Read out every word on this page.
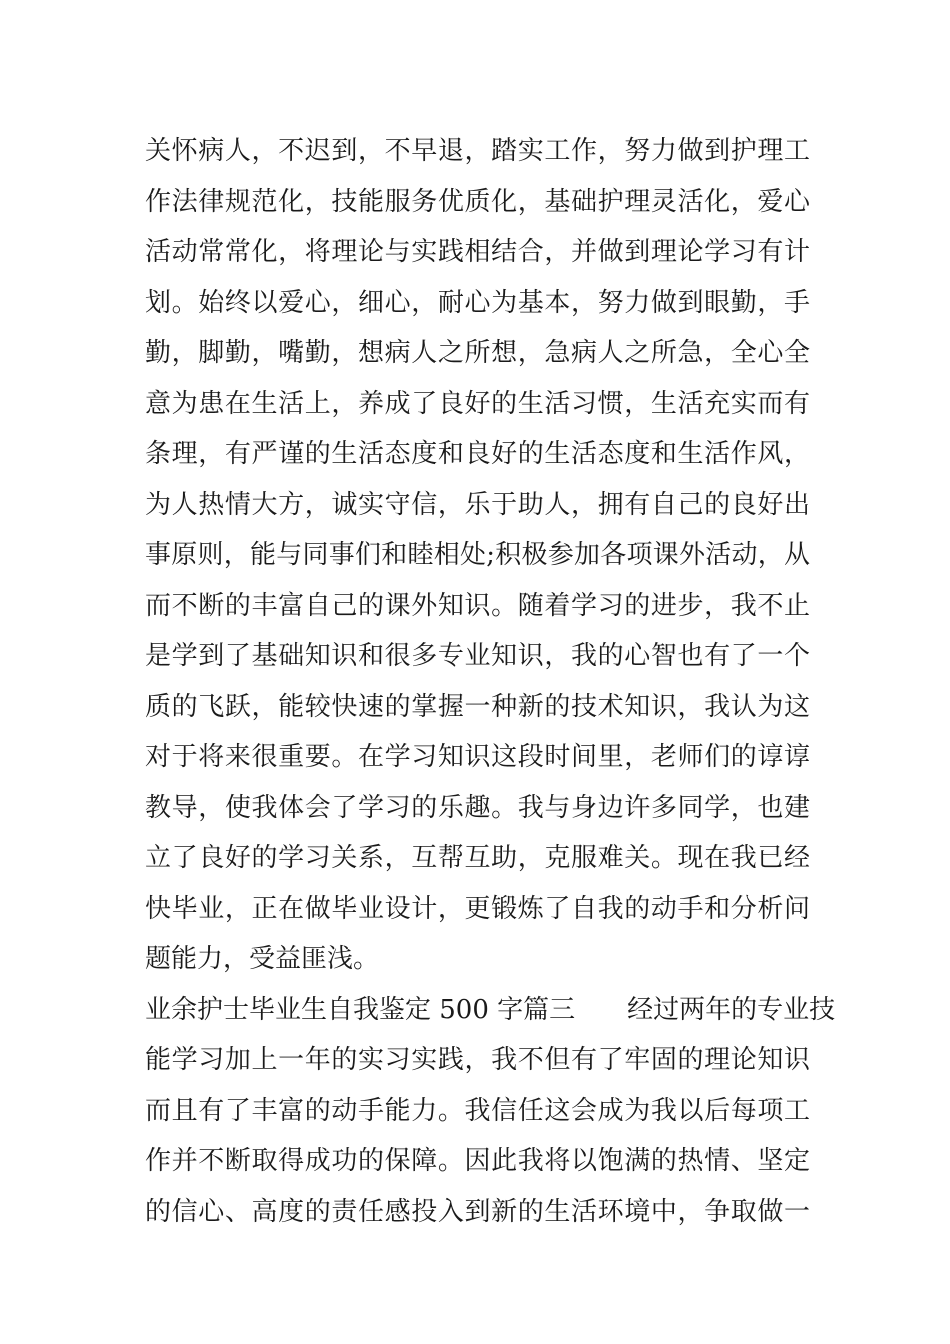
关怀病人，不迟到，不早退，踏实工作，努力做到护理工
作法律规范化，技能服务优质化，基础护理灵活化，爱心
活动常常化，将理论与实践相结合，并做到理论学习有计
划。始终以爱心，细心，耐心为基本，努力做到眼勤，手
勤，脚勤，嘴勤，想病人之所想，急病人之所急，全心全
意为患在生活上，养成了良好的生活习惯，生活充实而有
条理，有严谨的生活态度和良好的生活态度和生活作风，
为人热情大方，诚实守信，乐于助人，拥有自己的良好出
事原则，能与同事们和睦相处;积极参加各项课外活动，从
而不断的丰富自己的课外知识。随着学习的进步，我不止
是学到了基础知识和很多专业知识，我的心智也有了一个
质的飞跃，能较快速的掌握一种新的技术知识，我认为这
对于将来很重要。在学习知识这段时间里，老师们的谆谆
教导，使我体会了学习的乐趣。我与身边许多同学，也建
立了良好的学习关系，互帮互助，克服难关。现在我已经
快毕业，正在做毕业设计，更锻炼了自我的动手和分析问
题能力，受益匪浅。
业余护士毕业生自我鉴定 500 字篇三 经过两年的专业技
能学习加上一年的实习实践，我不但有了牢固的理论知识
而且有了丰富的动手能力。我信任这会成为我以后每项工
作并不断取得成功的保障。因此我将以饱满的热情、坚定
的信心、高度的责任感投入到新的生活环境中，争取做一
